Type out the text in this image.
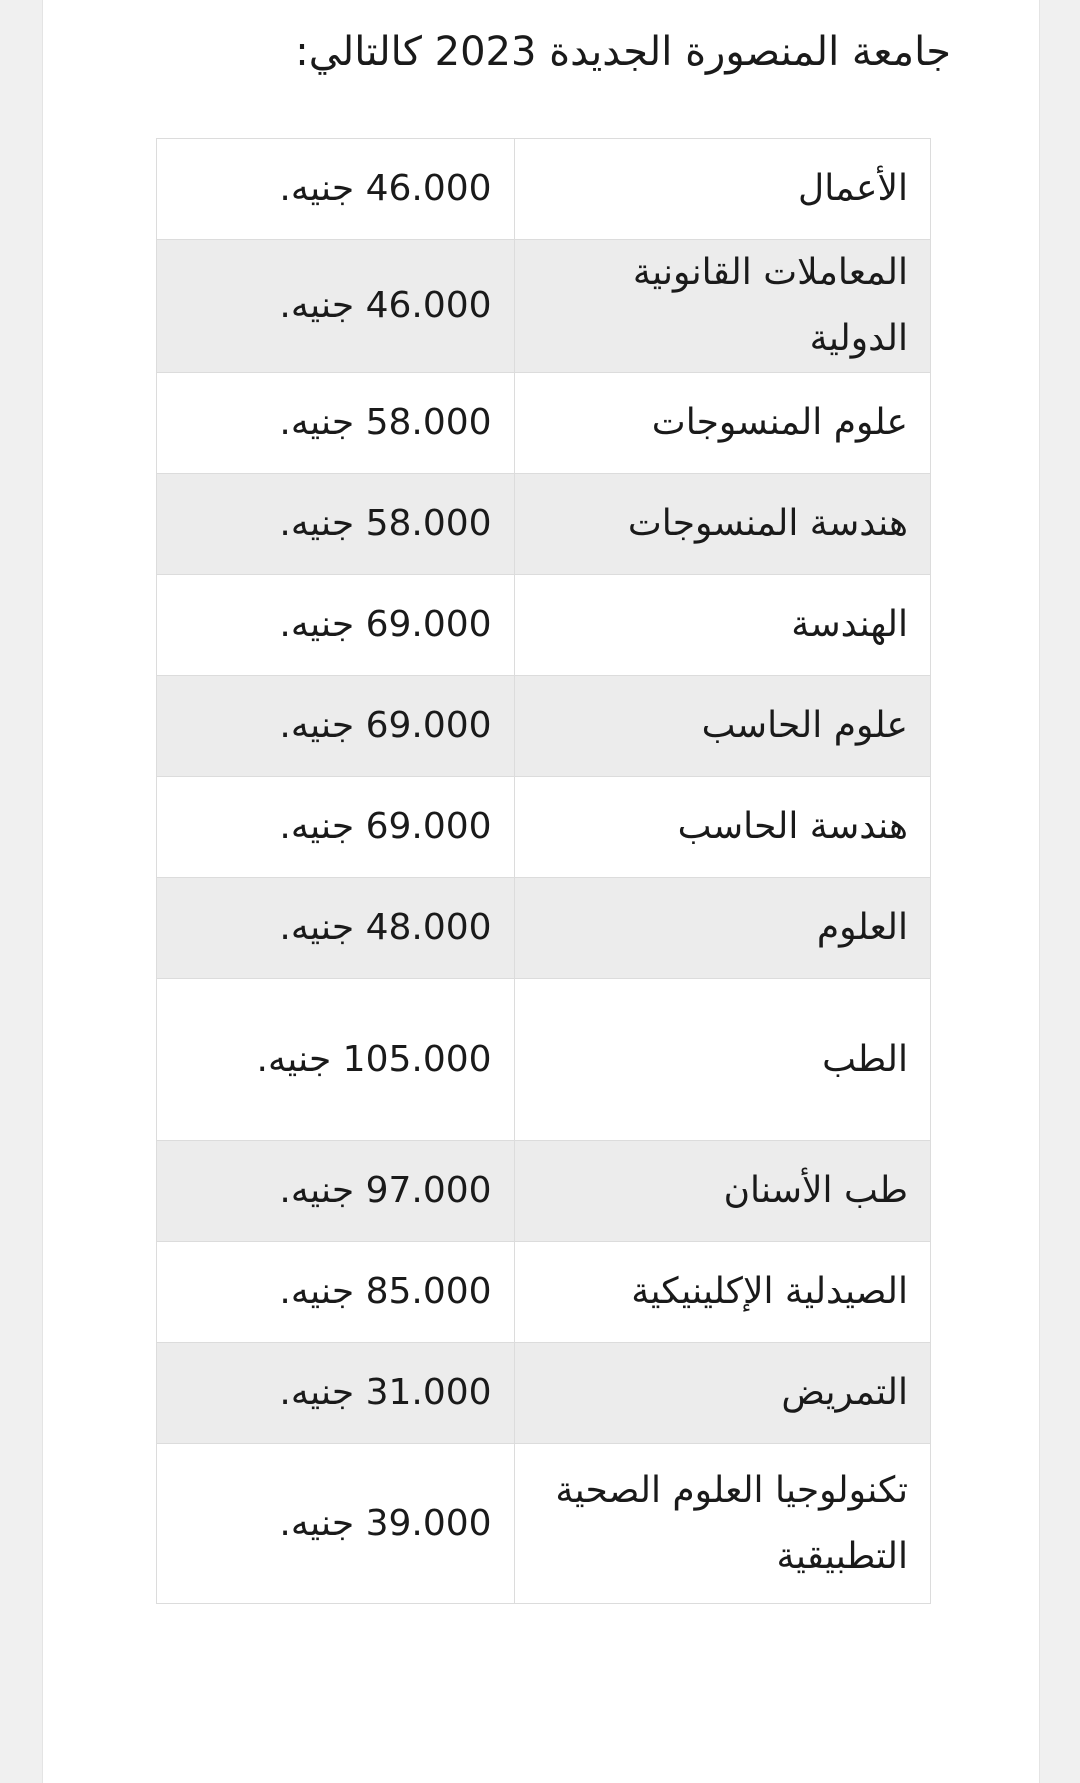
جامعة المنصورة الجديدة 2023 كالتالي:
الأعمال	46.000 جنيه.
المعاملات القانونية الدولية	46.000 جنيه.
علوم المنسوجات	58.000 جنيه.
هندسة المنسوجات	58.000 جنيه.
الهندسة	69.000 جنيه.
علوم الحاسب	69.000 جنيه.
هندسة الحاسب	69.000 جنيه.
العلوم	48.000 جنيه.
الطب	105.000 جنيه.
طب الأسنان	97.000 جنيه.
الصيدلية الإكلينيكية	85.000 جنيه.
التمريض	31.000 جنيه.
تكنولوجيا العلوم الصحية التطبيقية	39.000 جنيه.
